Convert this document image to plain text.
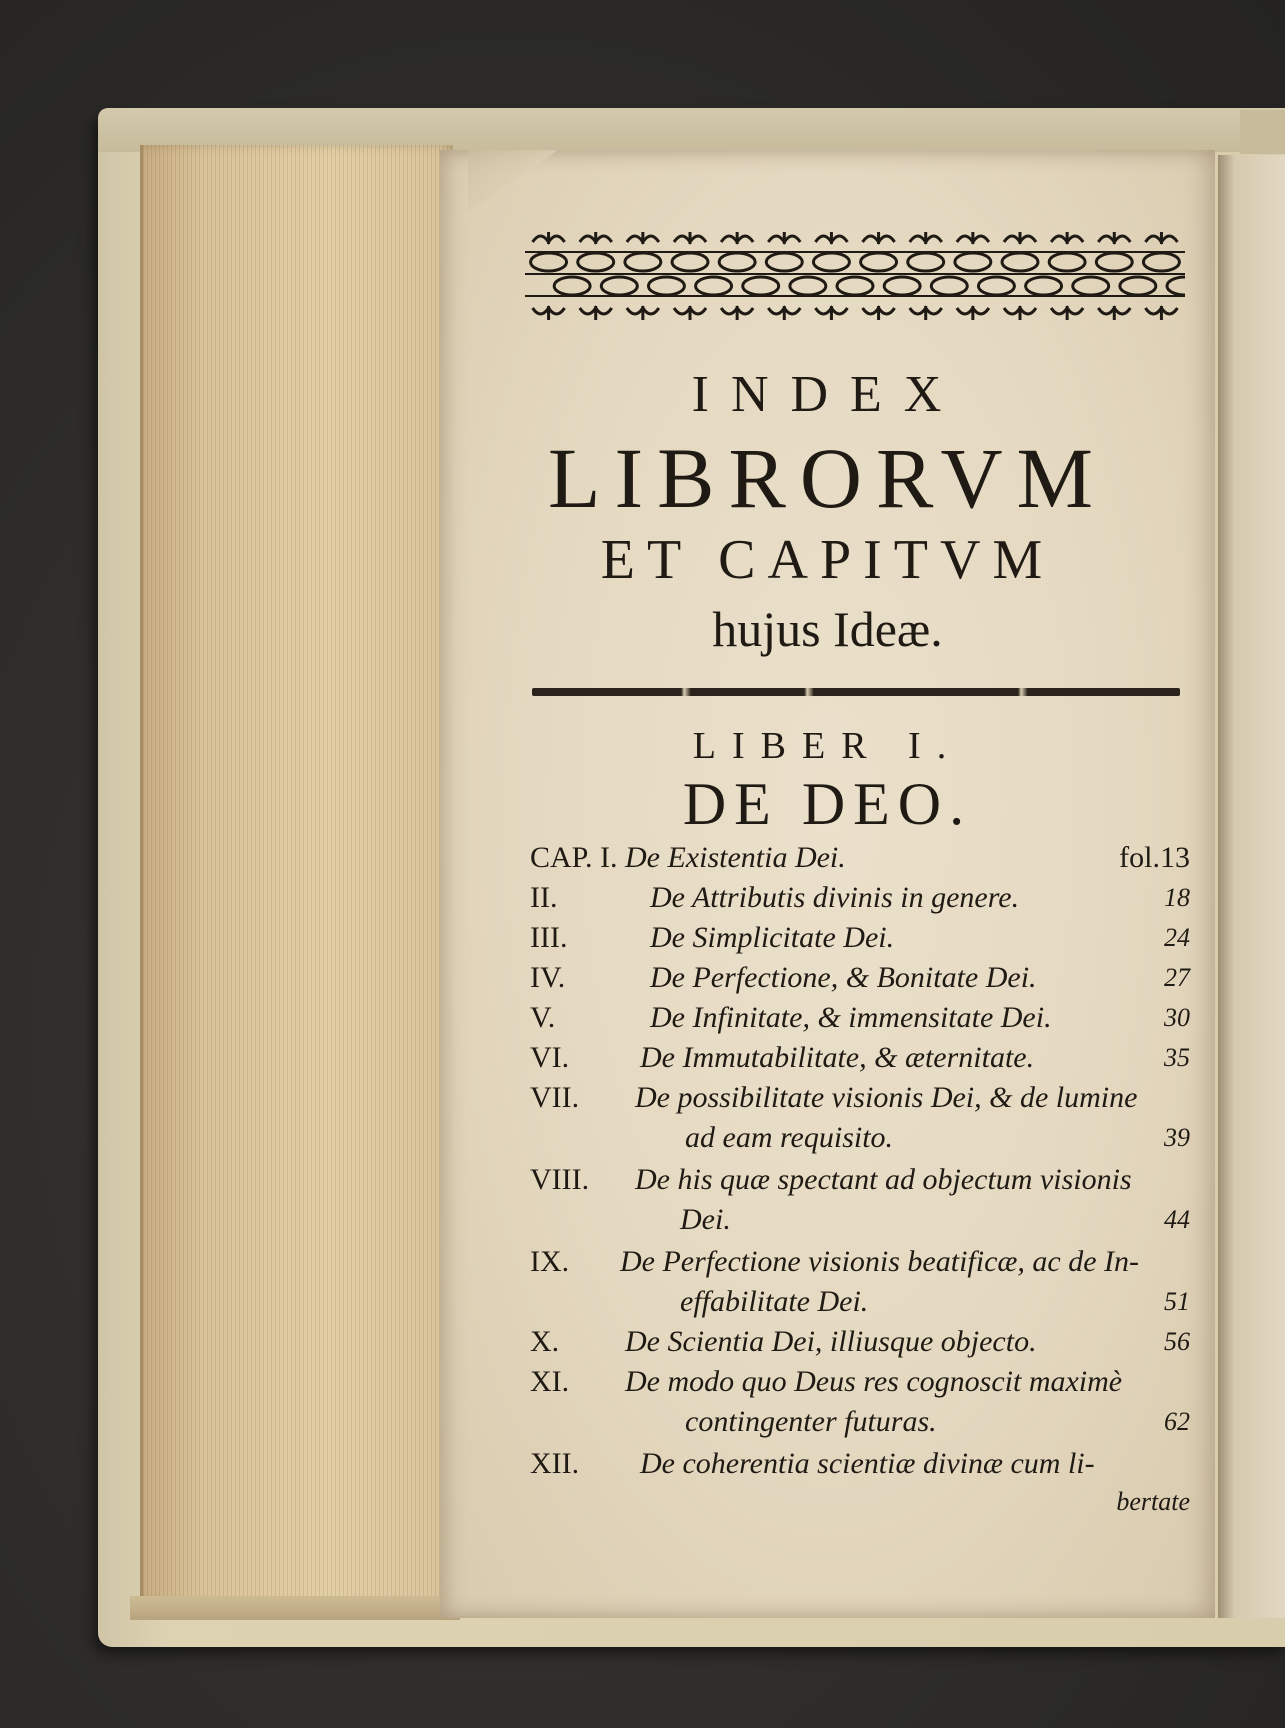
INDEX
LIBRORVM
ET CAPITVM
hujus Ideæ.
LIBER I.
DE DEO.
CAP. I. De Existentia Dei.	fol.13
II.	De Attributis divinis in genere.	18
III.	De Simplicitate Dei.	24
IV.	De Perfectione, & Bonitate Dei.	27
V.	De Infinitate, & immensitate Dei.	30
VI. De Immutabilitate, & æternitate.	35
VII. De possibilitate visionis Dei, & de lumine
ad eam requisito.	39
VIII. De his quæ spectant ad objectum visionis
Dei.	44
IX. De Perfectione visionis beatificæ, ac de In-
effabilitate Dei.	51
X. De Scientia Dei, illiusque objecto.	56
XI. De modo quo Deus res cognoscit maximè
contingenter futuras.	62
XII. De coherentia scientiæ divinæ cum li-
bertate
